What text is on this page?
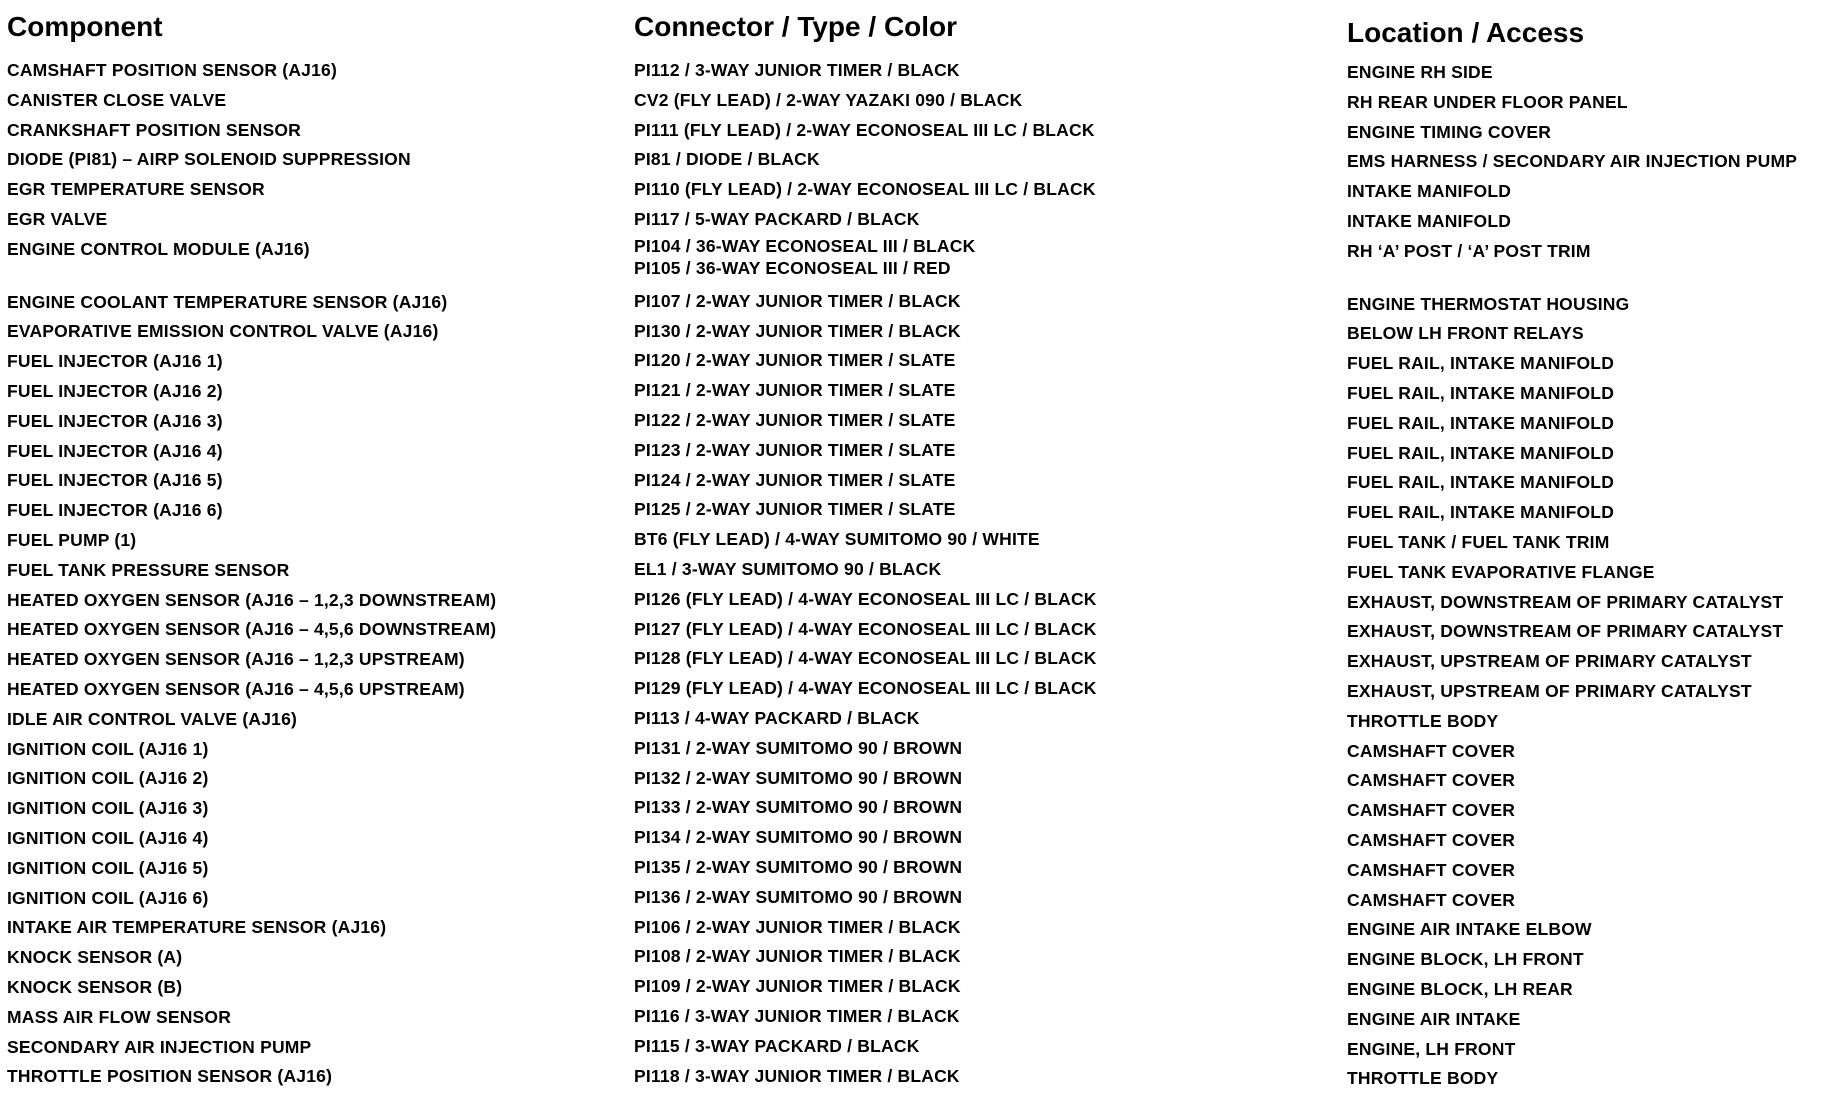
Component
CAMSHAFT POSITION SENSOR (AJ16)
CANISTER CLOSE VALVE
CRANKSHAFT POSITION SENSOR
DIODE (PI81) – AIRP SOLENOID SUPPRESSION
EGR TEMPERATURE SENSOR
EGR VALVE
ENGINE CONTROL MODULE (AJ16)
ENGINE COOLANT TEMPERATURE SENSOR (AJ16)
EVAPORATIVE EMISSION CONTROL VALVE (AJ16)
FUEL INJECTOR (AJ16 1)
FUEL INJECTOR (AJ16 2)
FUEL INJECTOR (AJ16 3)
FUEL INJECTOR (AJ16 4)
FUEL INJECTOR (AJ16 5)
FUEL INJECTOR (AJ16 6)
FUEL PUMP (1)
FUEL TANK PRESSURE SENSOR
HEATED OXYGEN SENSOR (AJ16 – 1,2,3 DOWNSTREAM)
HEATED OXYGEN SENSOR (AJ16 – 4,5,6 DOWNSTREAM)
HEATED OXYGEN SENSOR (AJ16 – 1,2,3 UPSTREAM)
HEATED OXYGEN SENSOR (AJ16 – 4,5,6 UPSTREAM)
IDLE AIR CONTROL VALVE (AJ16)
IGNITION COIL (AJ16 1)
IGNITION COIL (AJ16 2)
IGNITION COIL (AJ16 3)
IGNITION COIL (AJ16 4)
IGNITION COIL (AJ16 5)
IGNITION COIL (AJ16 6)
INTAKE AIR TEMPERATURE SENSOR (AJ16)
KNOCK SENSOR (A)
KNOCK SENSOR (B)
MASS AIR FLOW SENSOR
SECONDARY AIR INJECTION PUMP
THROTTLE POSITION SENSOR (AJ16)
Connector / Type / Color
PI112 / 3-WAY JUNIOR TIMER / BLACK
CV2 (FLY LEAD) / 2-WAY YAZAKI 090 / BLACK
PI111 (FLY LEAD) / 2-WAY ECONOSEAL III LC / BLACK
PI81 / DIODE / BLACK
PI110 (FLY LEAD) / 2-WAY ECONOSEAL III LC / BLACK
PI117 / 5-WAY PACKARD / BLACK
PI104 / 36-WAY ECONOSEAL III / BLACK
PI105 / 36-WAY ECONOSEAL III / RED
PI107 / 2-WAY JUNIOR TIMER / BLACK
PI130 / 2-WAY JUNIOR TIMER / BLACK
PI120 / 2-WAY JUNIOR TIMER / SLATE
PI121 / 2-WAY JUNIOR TIMER / SLATE
PI122 / 2-WAY JUNIOR TIMER / SLATE
PI123 / 2-WAY JUNIOR TIMER / SLATE
PI124 / 2-WAY JUNIOR TIMER / SLATE
PI125 / 2-WAY JUNIOR TIMER / SLATE
BT6 (FLY LEAD) / 4-WAY SUMITOMO 90 / WHITE
EL1 / 3-WAY SUMITOMO 90 / BLACK
PI126 (FLY LEAD) / 4-WAY ECONOSEAL III LC / BLACK
PI127 (FLY LEAD) / 4-WAY ECONOSEAL III LC / BLACK
PI128 (FLY LEAD) / 4-WAY ECONOSEAL III LC / BLACK
PI129 (FLY LEAD) / 4-WAY ECONOSEAL III LC / BLACK
PI113 / 4-WAY PACKARD / BLACK
PI131 / 2-WAY SUMITOMO 90 / BROWN
PI132 / 2-WAY SUMITOMO 90 / BROWN
PI133 / 2-WAY SUMITOMO 90 / BROWN
PI134 / 2-WAY SUMITOMO 90 / BROWN
PI135 / 2-WAY SUMITOMO 90 / BROWN
PI136 / 2-WAY SUMITOMO 90 / BROWN
PI106 / 2-WAY JUNIOR TIMER / BLACK
PI108 / 2-WAY JUNIOR TIMER / BLACK
PI109 / 2-WAY JUNIOR TIMER / BLACK
PI116 / 3-WAY JUNIOR TIMER / BLACK
PI115 / 3-WAY PACKARD / BLACK
PI118 / 3-WAY JUNIOR TIMER / BLACK
Location / Access
ENGINE RH SIDE
RH REAR UNDER FLOOR PANEL
ENGINE TIMING COVER
EMS HARNESS / SECONDARY AIR INJECTION PUMP
INTAKE MANIFOLD
INTAKE MANIFOLD
RH ‘A’ POST / ‘A’ POST TRIM
ENGINE THERMOSTAT HOUSING
BELOW LH FRONT RELAYS
FUEL RAIL, INTAKE MANIFOLD
FUEL RAIL, INTAKE MANIFOLD
FUEL RAIL, INTAKE MANIFOLD
FUEL RAIL, INTAKE MANIFOLD
FUEL RAIL, INTAKE MANIFOLD
FUEL RAIL, INTAKE MANIFOLD
FUEL TANK / FUEL TANK TRIM
FUEL TANK EVAPORATIVE FLANGE
EXHAUST, DOWNSTREAM OF PRIMARY CATALYST
EXHAUST, DOWNSTREAM OF PRIMARY CATALYST
EXHAUST, UPSTREAM OF PRIMARY CATALYST
EXHAUST, UPSTREAM OF PRIMARY CATALYST
THROTTLE BODY
CAMSHAFT COVER
CAMSHAFT COVER
CAMSHAFT COVER
CAMSHAFT COVER
CAMSHAFT COVER
CAMSHAFT COVER
ENGINE AIR INTAKE ELBOW
ENGINE BLOCK, LH FRONT
ENGINE BLOCK, LH REAR
ENGINE AIR INTAKE
ENGINE, LH FRONT
THROTTLE BODY
